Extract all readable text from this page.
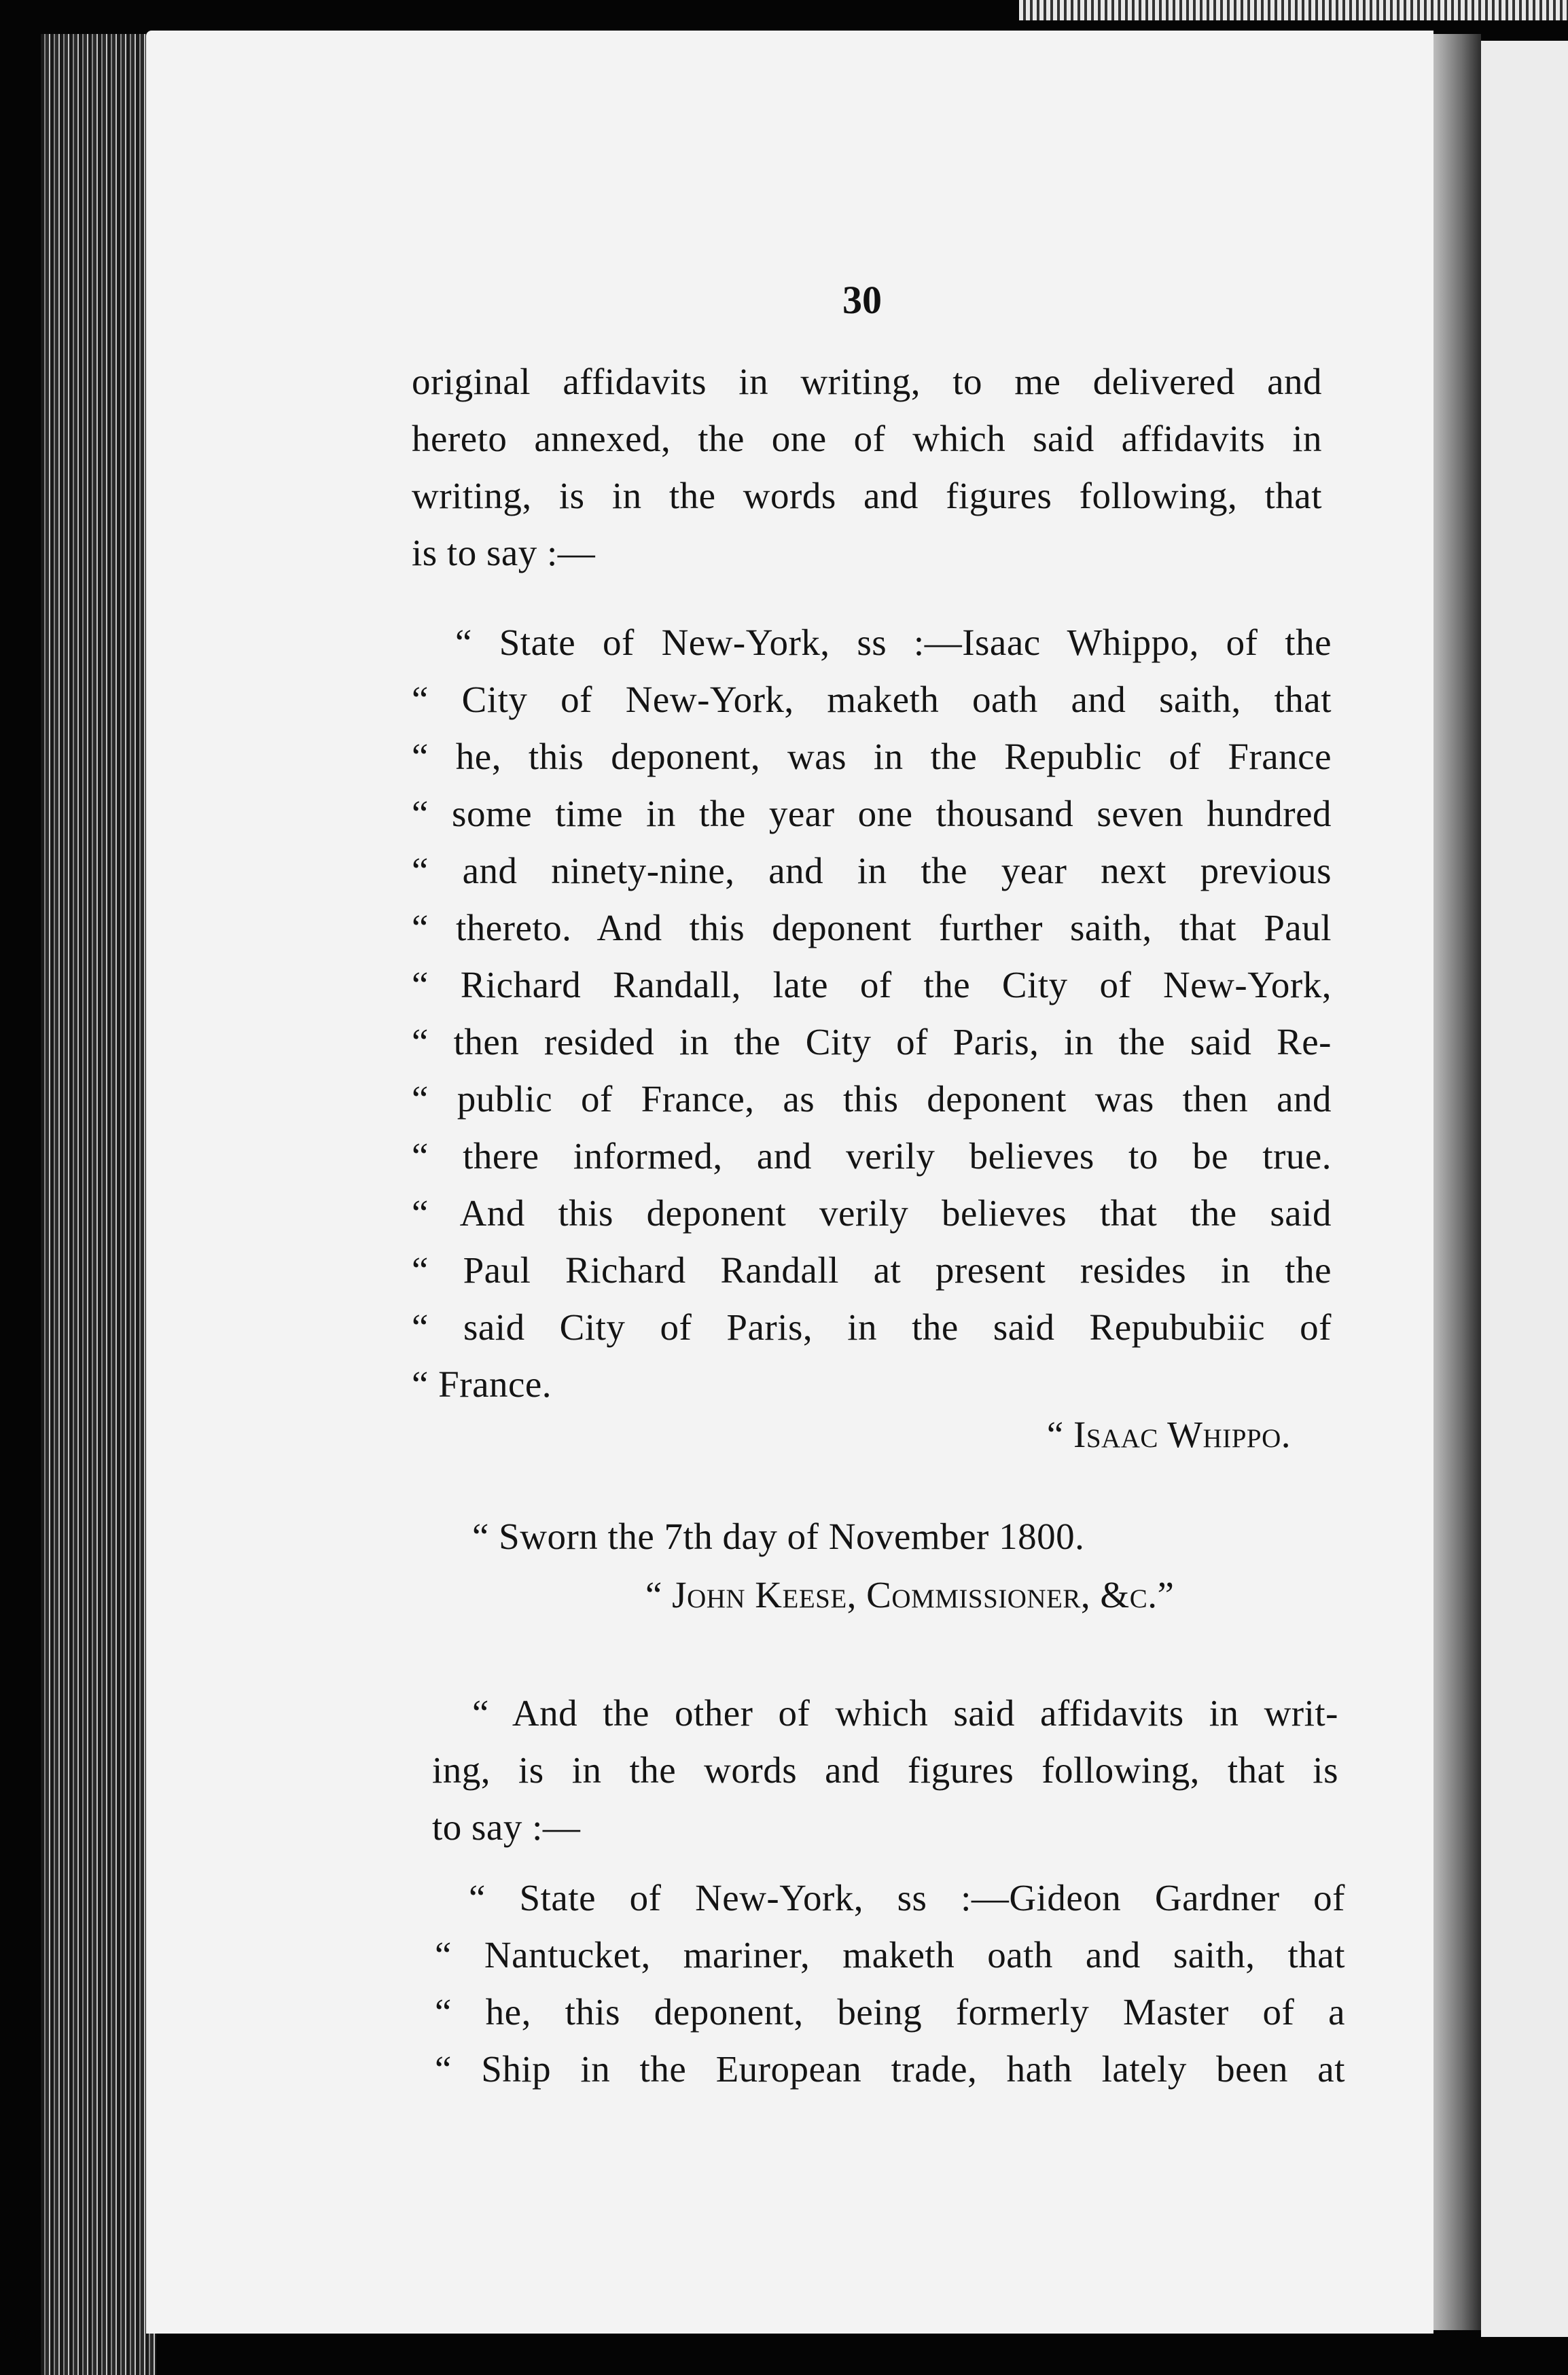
30
original affidavits in writing, to me delivered and
hereto annexed, the one of which said affidavits in
writing, is in the words and figures following, that
is to say :—
“ State of New-York, ss :—Isaac Whippo, of the
“ City of New-York, maketh oath and saith, that
“ he, this deponent, was in the Republic of France
“ some time in the year one thousand seven hundred
“ and ninety-nine, and in the year next previous
“ thereto. And this deponent further saith, that Paul
“ Richard Randall, late of the City of New-York,
“ then resided in the City of Paris, in the said Re-
“ public of France, as this deponent was then and
“ there informed, and verily believes to be true.
“ And this deponent verily believes that the said
“ Paul Richard Randall at present resides in the
“ said City of Paris, in the said Repububiic of
“ France.
“ Isaac Whippo.
“ Sworn the 7th day of November 1800.
“ John Keese, Commissioner, &c.”
“ And the other of which said affidavits in writ-
ing, is in the words and figures following, that is
to say :—
“ State of New-York, ss :—Gideon Gardner of
“ Nantucket, mariner, maketh oath and saith, that
“ he, this deponent, being formerly Master of a
“ Ship in the European trade, hath lately been at
